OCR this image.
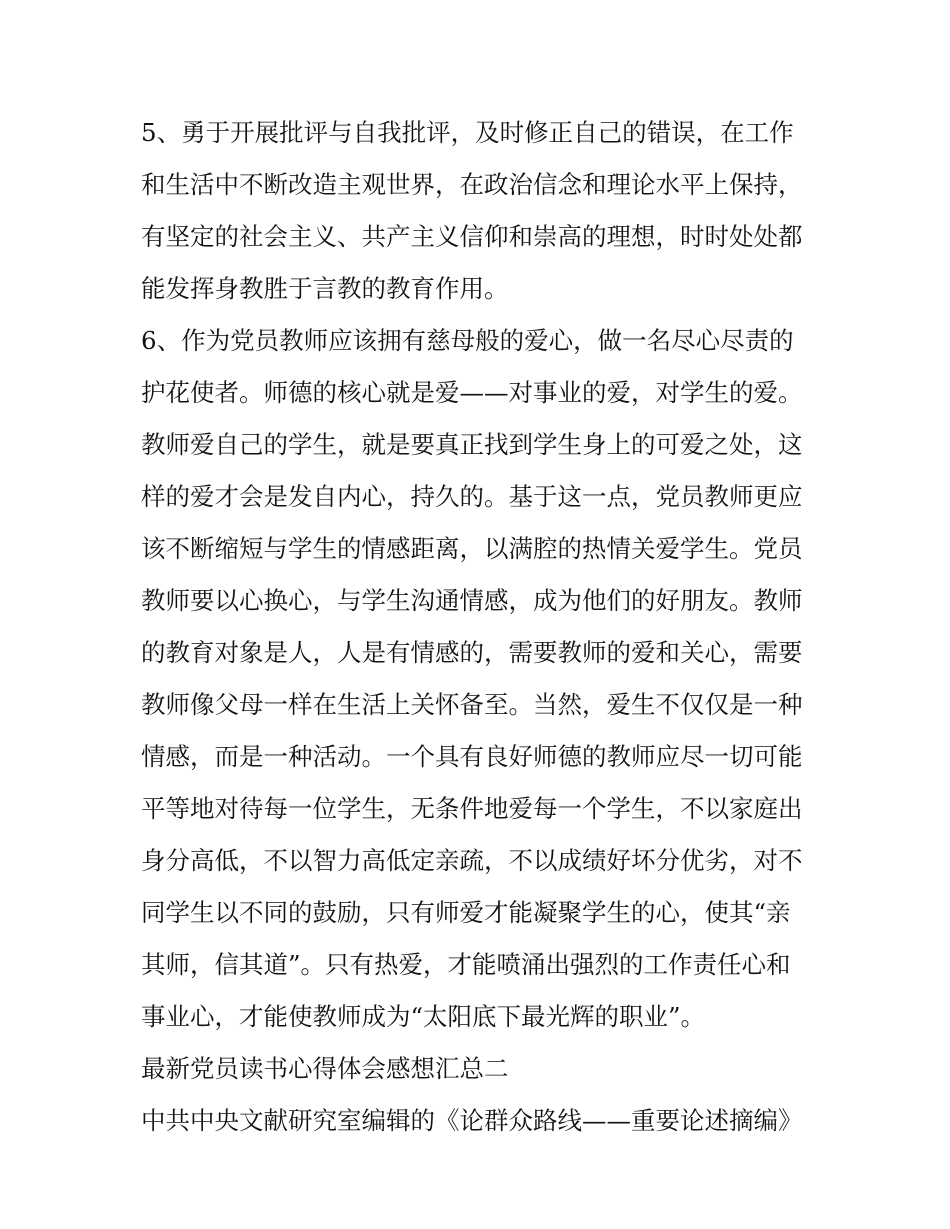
5、勇于开展批评与自我批评，及时修正自己的错误，在工作
和生活中不断改造主观世界，在政治信念和理论水平上保持，
有坚定的社会主义、共产主义信仰和崇高的理想，时时处处都
能发挥身教胜于言教的教育作用。
6、作为党员教师应该拥有慈母般的爱心，做一名尽心尽责的
护花使者。师德的核心就是爱——对事业的爱，对学生的爱。
教师爱自己的学生，就是要真正找到学生身上的可爱之处，这
样的爱才会是发自内心，持久的。基于这一点，党员教师更应
该不断缩短与学生的情感距离，以满腔的热情关爱学生。党员
教师要以心换心，与学生沟通情感，成为他们的好朋友。教师
的教育对象是人，人是有情感的，需要教师的爱和关心，需要
教师像父母一样在生活上关怀备至。当然，爱生不仅仅是一种
情感，而是一种活动。一个具有良好师德的教师应尽一切可能
平等地对待每一位学生，无条件地爱每一个学生，不以家庭出
身分高低，不以智力高低定亲疏，不以成绩好坏分优劣，对不
同学生以不同的鼓励，只有师爱才能凝聚学生的心，使其“亲
其师，信其道”。只有热爱，才能喷涌出强烈的工作责任心和
事业心，才能使教师成为“太阳底下最光辉的职业”。
最新党员读书心得体会感想汇总二
中共中央文献研究室编辑的《论群众路线——重要论述摘编》
